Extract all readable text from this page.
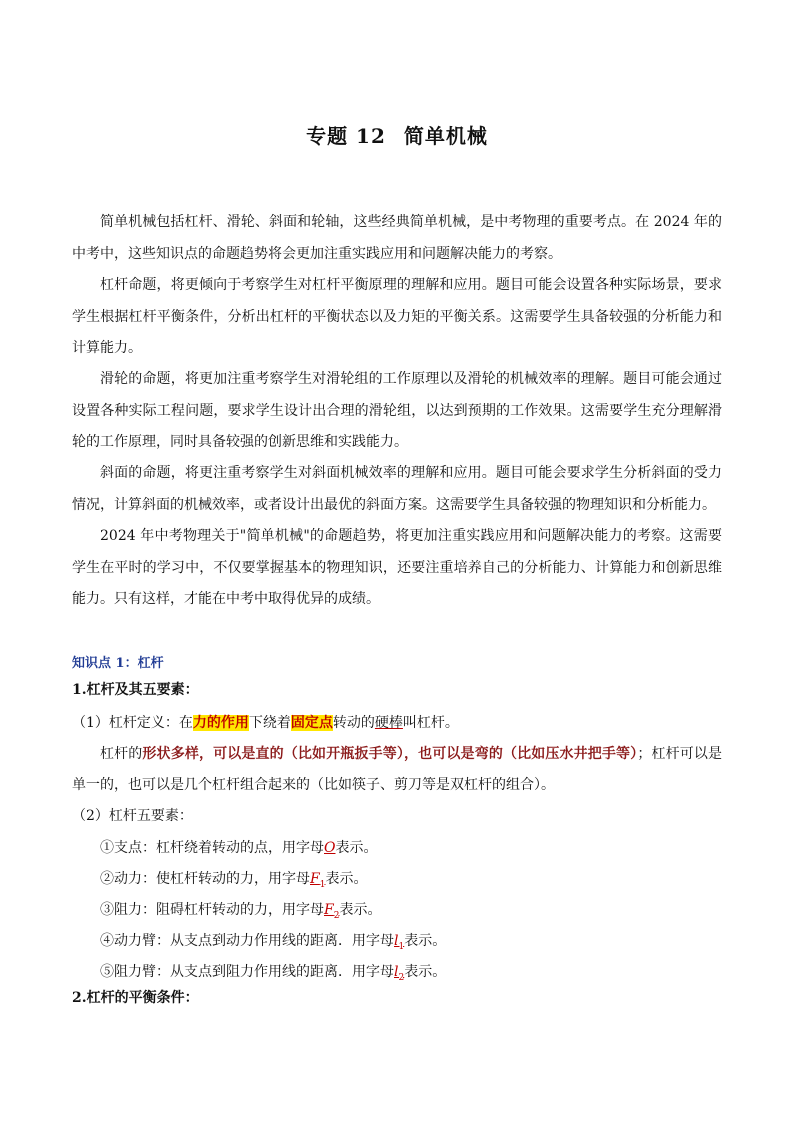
专题 12 简单机械

简单机械包括杠杆、滑轮、斜面和轮轴，这些经典简单机械，是中考物理的重要考点。在 2024 年的中考中，这些知识点的命题趋势将会更加注重实践应用和问题解决能力的考察。

杠杆命题，将更倾向于考察学生对杠杆平衡原理的理解和应用。题目可能会设置各种实际场景，要求学生根据杠杆平衡条件，分析出杠杆的平衡状态以及力矩的平衡关系。这需要学生具备较强的分析能力和计算能力。

滑轮的命题，将更加注重考察学生对滑轮组的工作原理以及滑轮的机械效率的理解。题目可能会通过设置各种实际工程问题，要求学生设计出合理的滑轮组，以达到预期的工作效果。这需要学生充分理解滑轮的工作原理，同时具备较强的创新思维和实践能力。

斜面的命题，将更注重考察学生对斜面机械效率的理解和应用。题目可能会要求学生分析斜面的受力情况，计算斜面的机械效率，或者设计出最优的斜面方案。这需要学生具备较强的物理知识和分析能力。

2024 年中考物理关于"简单机械"的命题趋势，将更加注重实践应用和问题解决能力的考察。这需要学生在平时的学习中，不仅要掌握基本的物理知识，还要注重培养自己的分析能力、计算能力和创新思维能力。只有这样，才能在中考中取得优异的成绩。

知识点 1：杠杆
1.杠杆及其五要素：
（1）杠杆定义：在力的作用下绕着固定点转动的硬棒叫杠杆。

杠杆的形状多样，可以是直的（比如开瓶扳手等），也可以是弯的（比如压水井把手等）；杠杆可以是单一的，也可以是几个杠杆组合起来的（比如筷子、剪刀等是双杠杆的组合）。

（2）杠杆五要素：
①支点：杠杆绕着转动的点，用字母O表示。
②动力：使杠杆转动的力，用字母$F_1$表示。
③阻力：阻碍杠杆转动的力，用字母$F_2$表示。
④动力臂：从支点到动力作用线的距离．用字母$l_1$表示。
⑤阻力臂：从支点到阻力作用线的距离．用字母$l_2$表示。
2.杠杆的平衡条件：
